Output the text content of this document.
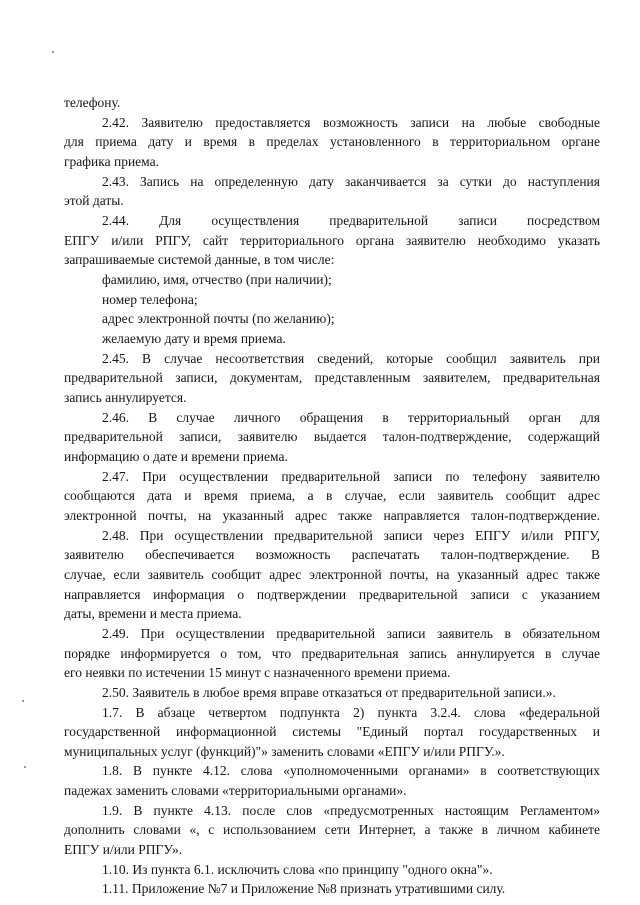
телефону.
2.42. Заявителю предоставляется возможность записи на любые свободные
для приема дату и время в пределах установленного в территориальном органе
графика приема.
2.43. Запись на определенную дату заканчивается за сутки до наступления
этой даты.
2.44. Для осуществления предварительной записи посредством
ЕПГУ и/или РПГУ, сайт территориального органа заявителю необходимо указать
запрашиваемые системой данные, в том числе:
фамилию, имя, отчество (при наличии);
номер телефона;
адрес электронной почты (по желанию);
желаемую дату и время приема.
2.45. В случае несоответствия сведений, которые сообщил заявитель при
предварительной записи, документам, представленным заявителем, предварительная
запись аннулируется.
2.46. В случае личного обращения в территориальный орган для
предварительной записи, заявителю выдается талон-подтверждение, содержащий
информацию о дате и времени приема.
2.47. При осуществлении предварительной записи по телефону заявителю
сообщаются дата и время приема, а в случае, если заявитель сообщит адрес
электронной почты, на указанный адрес также направляется талон-подтверждение.
2.48. При осуществлении предварительной записи через ЕПГУ и/или РПГУ,
заявителю обеспечивается возможность распечатать талон-подтверждение. В
случае, если заявитель сообщит адрес электронной почты, на указанный адрес также
направляется информация о подтверждении предварительной записи с указанием
даты, времени и места приема.
2.49. При осуществлении предварительной записи заявитель в обязательном
порядке информируется о том, что предварительная запись аннулируется в случае
его неявки по истечении 15 минут с назначенного времени приема.
2.50. Заявитель в любое время вправе отказаться от предварительной записи.».
1.7. В абзаце четвертом подпункта 2) пункта 3.2.4. слова «федеральной
государственной информационной системы "Единый портал государственных и
муниципальных услуг (функций)"» заменить словами «ЕПГУ и/или РПГУ.».
1.8. В пункте 4.12. слова «уполномоченными органами» в соответствующих
падежах заменить словами «территориальными органами».
1.9. В пункте 4.13. после слов «предусмотренных настоящим Регламентом»
дополнить словами «, с использованием сети Интернет, а также в личном кабинете
ЕПГУ и/или РПГУ».
1.10. Из пункта 6.1. исключить слова «по принципу "одного окна"».
1.11. Приложение №7 и Приложение №8 признать утратившими силу.
